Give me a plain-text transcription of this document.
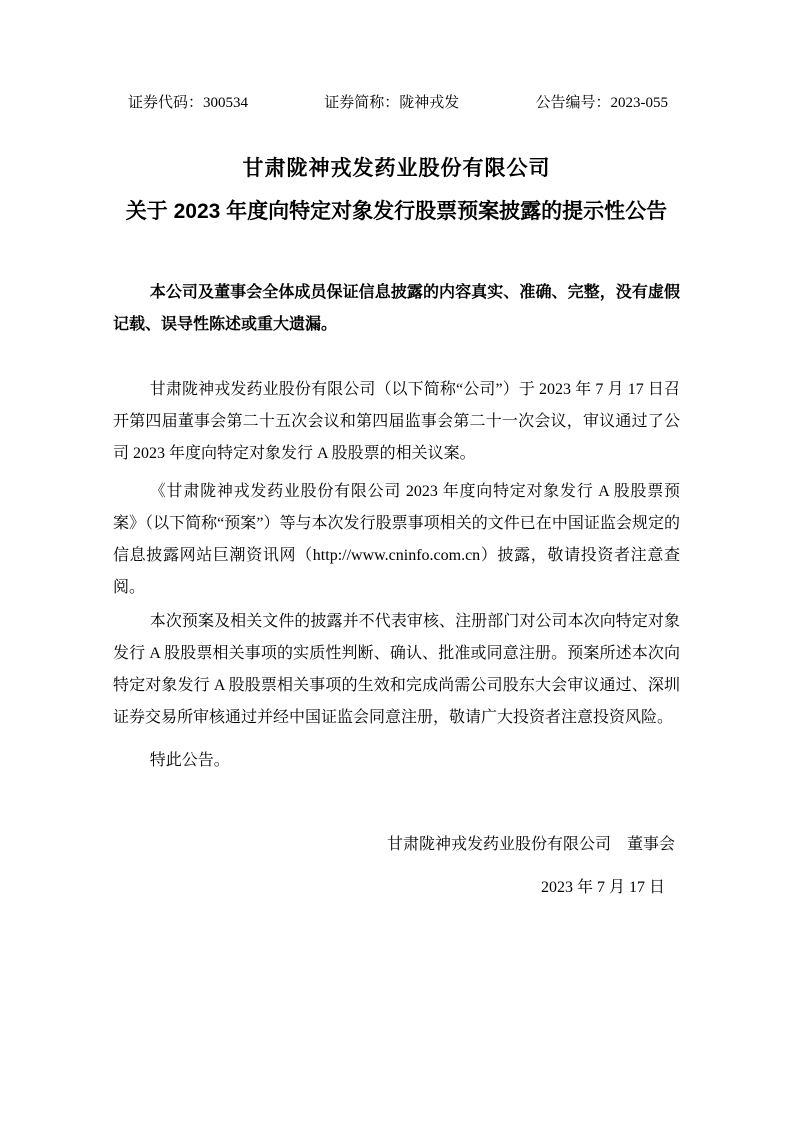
证券代码：300534	证券简称：陇神戎发	公告编号：2023-055
甘肃陇神戎发药业股份有限公司
关于 2023 年度向特定对象发行股票预案披露的提示性公告

本公司及董事会全体成员保证信息披露的内容真实、准确、完整，没有虚假记载、误导性陈述或重大遗漏。

甘肃陇神戎发药业股份有限公司（以下简称“公司”）于 2023 年 7 月 17 日召开第四届董事会第二十五次会议和第四届监事会第二十一次会议，审议通过了公司 2023 年度向特定对象发行 A 股股票的相关议案。

《甘肃陇神戎发药业股份有限公司 2023 年度向特定对象发行 A 股股票预案》（以下简称“预案”）等与本次发行股票事项相关的文件已在中国证监会规定的信息披露网站巨潮资讯网（http://www.cninfo.com.cn）披露，敬请投资者注意查阅。

本次预案及相关文件的披露并不代表审核、注册部门对公司本次向特定对象发行 A 股股票相关事项的实质性判断、确认、批准或同意注册。预案所述本次向特定对象发行 A 股股票相关事项的生效和完成尚需公司股东大会审议通过、深圳证券交易所审核通过并经中国证监会同意注册，敬请广大投资者注意投资风险。

特此公告。

甘肃陇神戎发药业股份有限公司　董事会

2023 年 7 月 17 日
